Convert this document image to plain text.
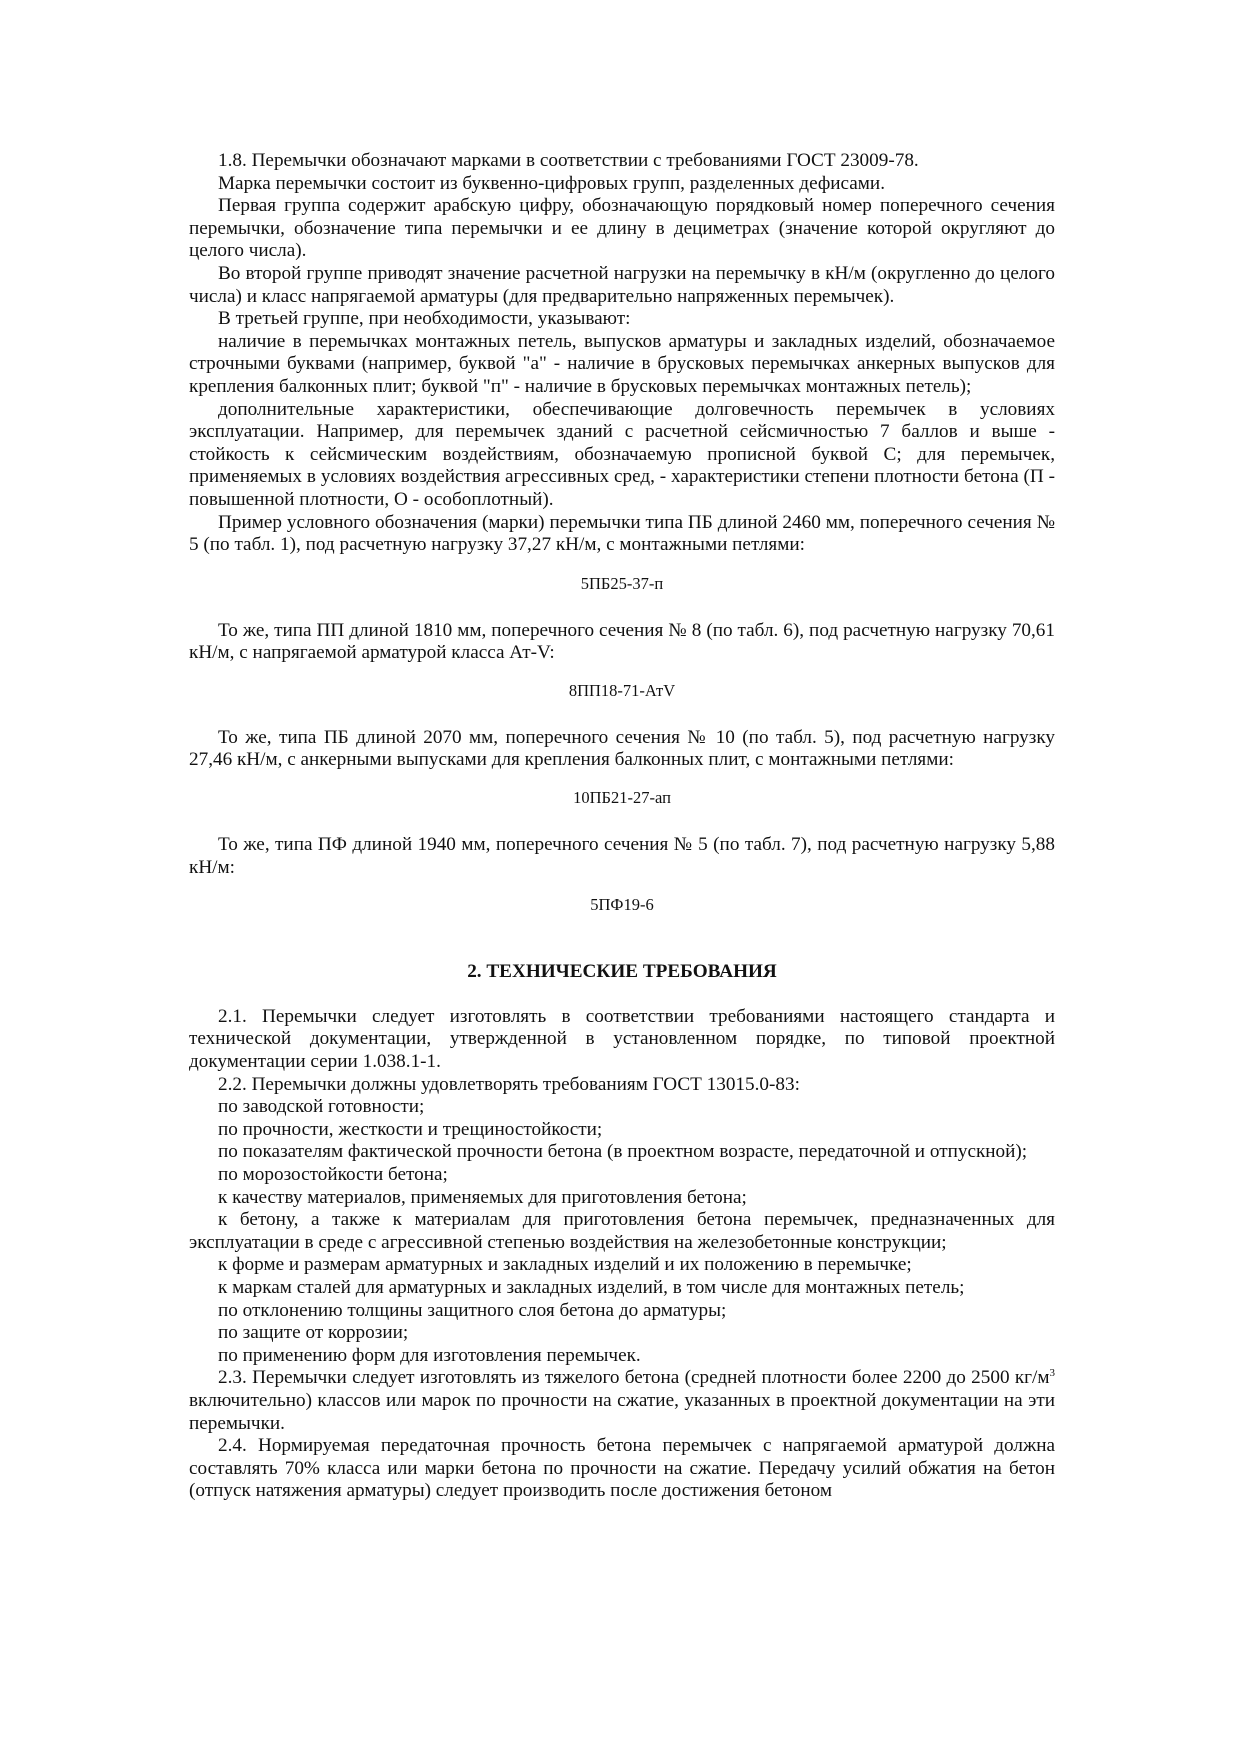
1.8. Перемычки обозначают марками в соответствии с требованиями ГОСТ 23009-78.

Марка перемычки состоит из буквенно-цифровых групп, разделенных дефисами.

Первая группа содержит арабскую цифру, обозначающую порядковый номер поперечного сечения перемычки, обозначение типа перемычки и ее длину в дециметрах (значение которой округляют до целого числа).

Во второй группе приводят значение расчетной нагрузки на перемычку в кН/м (округленно до целого числа) и класс напрягаемой арматуры (для предварительно напряженных перемычек).

В третьей группе, при необходимости, указывают:

наличие в перемычках монтажных петель, выпусков арматуры и закладных изделий, обозначаемое строчными буквами (например, буквой "а" - наличие в брусковых перемычках анкерных выпусков для крепления балконных плит; буквой "п" - наличие в брусковых перемычках монтажных петель);

дополнительные характеристики, обеспечивающие долговечность перемычек в условиях эксплуатации. Например, для перемычек зданий с расчетной сейсмичностью 7 баллов и выше - стойкость к сейсмическим воздействиям, обозначаемую прописной буквой С; для перемычек, применяемых в условиях воздействия агрессивных сред, - характеристики степени плотности бетона (П - повышенной плотности, О - особоплотный).

Пример условного обозначения (марки) перемычки типа ПБ длиной 2460 мм, поперечного сечения № 5 (по табл. 1), под расчетную нагрузку 37,27 кН/м, с монтажными петлями:

5ПБ25-37-п

То же, типа ПП длиной 1810 мм, поперечного сечения № 8 (по табл. 6), под расчетную нагрузку 70,61 кН/м, с напрягаемой арматурой класса Ат-V:

8ПП18-71-АтV

То же, типа ПБ длиной 2070 мм, поперечного сечения № 10 (по табл. 5), под расчетную нагрузку 27,46 кН/м, с анкерными выпусками для крепления балконных плит, с монтажными петлями:

10ПБ21-27-ап

То же, типа ПФ длиной 1940 мм, поперечного сечения № 5 (по табл. 7), под расчетную нагрузку 5,88 кН/м:

5ПФ19-6
2. ТЕХНИЧЕСКИЕ ТРЕБОВАНИЯ

2.1. Перемычки следует изготовлять в соответствии требованиями настоящего стандарта и технической документации, утвержденной в установленном порядке, по типовой проектной документации серии 1.038.1-1.

2.2. Перемычки должны удовлетворять требованиям ГОСТ 13015.0-83:

по заводской готовности;

по прочности, жесткости и трещиностойкости;

по показателям фактической прочности бетона (в проектном возрасте, передаточной и отпускной);

по морозостойкости бетона;

к качеству материалов, применяемых для приготовления бетона;

к бетону, а также к материалам для приготовления бетона перемычек, предназначенных для эксплуатации в среде с агрессивной степенью воздействия на железобетонные конструкции;

к форме и размерам арматурных и закладных изделий и их положению в перемычке;

к маркам сталей для арматурных и закладных изделий, в том числе для монтажных петель;

по отклонению толщины защитного слоя бетона до арматуры;

по защите от коррозии;

по применению форм для изготовления перемычек.

2.3. Перемычки следует изготовлять из тяжелого бетона (средней плотности более 2200 до 2500 $кг/м^3$ включительно) классов или марок по прочности на сжатие, указанных в проектной документации на эти перемычки.

2.4. Нормируемая передаточная прочность бетона перемычек с напрягаемой арматурой должна составлять 70% класса или марки бетона по прочности на сжатие. Передачу усилий обжатия на бетон (отпуск натяжения арматуры) следует производить после достижения бетоном
